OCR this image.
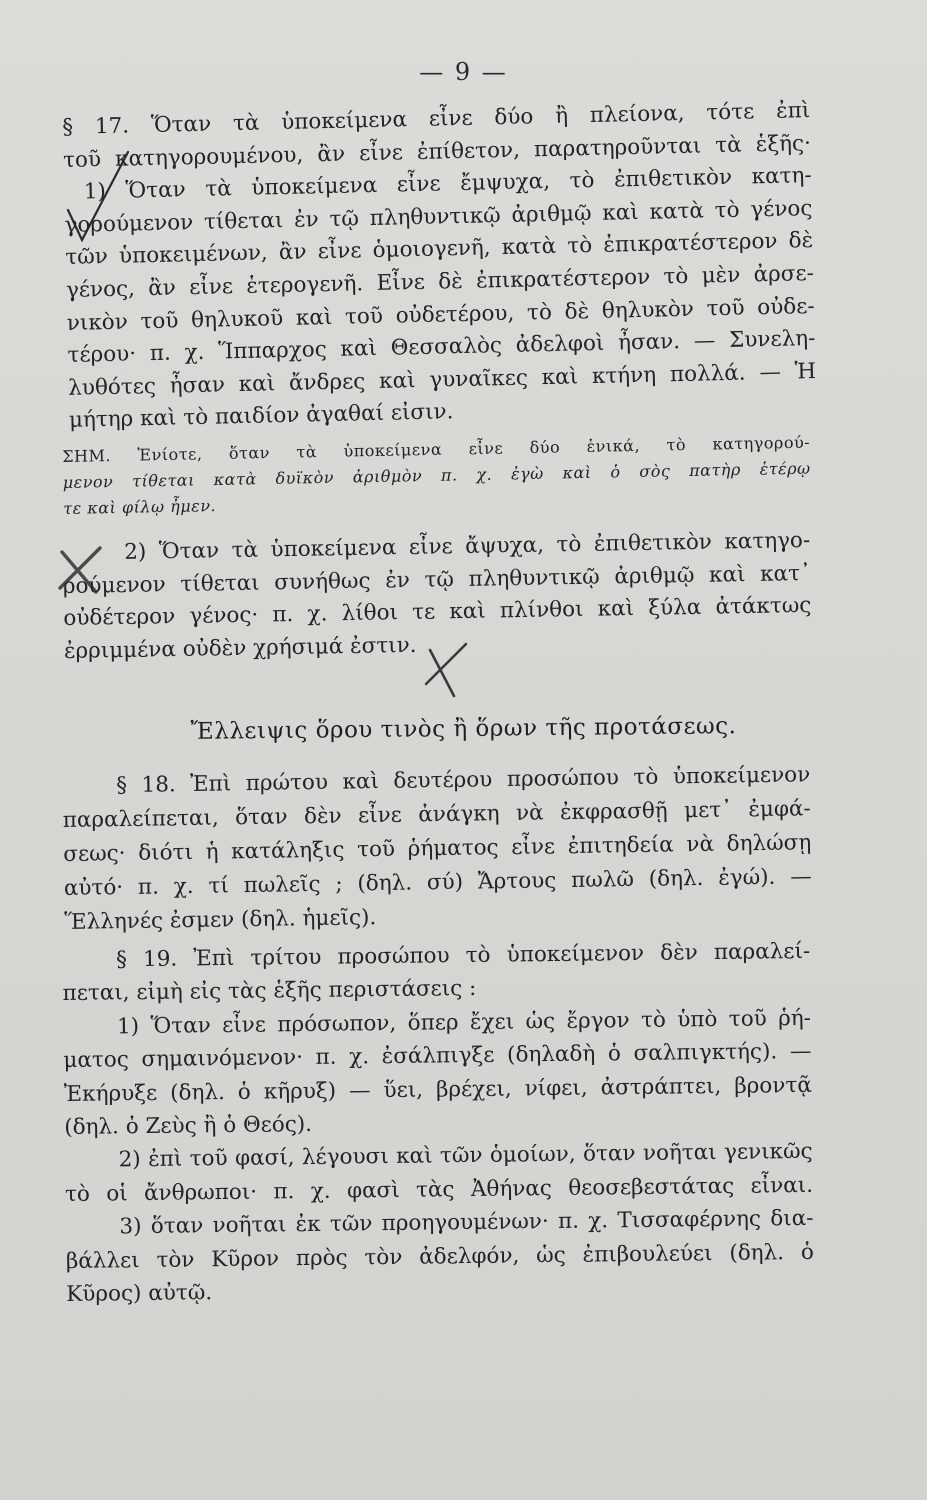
— 9 —
§ 17. Ὅταν τὰ ὑποκείμενα εἶνε δύο ἢ πλείονα, τότε ἐπὶ
τοῦ κατηγορουμένου, ἂν εἶνε ἐπίθετον, παρατηροῦνται τὰ ἑξῆς·
1) Ὅταν τὰ ὑποκείμενα εἶνε ἔμψυχα, τὸ ἐπιθετικὸν κατη-
γορούμενον τίθεται ἐν τῷ πληθυντικῷ ἀριθμῷ καὶ κατὰ τὸ γένος
τῶν ὑποκειμένων, ἂν εἶνε ὁμοιογενῆ, κατὰ τὸ ἐπικρατέστερον δὲ
γένος, ἂν εἶνε ἑτερογενῆ. Εἶνε δὲ ἐπικρατέστερον τὸ μὲν ἀρσε-
νικὸν τοῦ θηλυκοῦ καὶ τοῦ οὐδετέρου, τὸ δὲ θηλυκὸν τοῦ οὐδε-
τέρου· π. χ. Ἵππαρχος καὶ Θεσσαλὸς ἀδελφοὶ ἦσαν. — Συνελη-
λυθότες ἦσαν καὶ ἄνδρες καὶ γυναῖκες καὶ κτήνη πολλά. — Ἡ
μήτηρ καὶ τὸ παιδίον ἀγαθαί εἰσιν.
ΣΗΜ. Ἐνίοτε, ὅταν τὰ ὑποκείμενα εἶνε δύο ἑνικά, τὸ κατηγορού-
μενον τίθεται κατὰ δυϊκὸν ἀριθμὸν π. χ. ἐγὼ καὶ ὁ σὸς πατὴρ ἑτέρῳ
τε καὶ φίλῳ ἦμεν.
2) Ὅταν τὰ ὑποκείμενα εἶνε ἄψυχα, τὸ ἐπιθετικὸν κατηγο-
ρούμενον τίθεται συνήθως ἐν τῷ πληθυντικῷ ἀριθμῷ καὶ κατ᾽
οὐδέτερον γένος· π. χ. λίθοι τε καὶ πλίνθοι καὶ ξύλα ἀτάκτως
ἐρριμμένα οὐδὲν χρήσιμά ἐστιν.
Ἔλλειψις ὅρου τινὸς ἢ ὅρων τῆς προτάσεως.
§ 18. Ἐπὶ πρώτου καὶ δευτέρου προσώπου τὸ ὑποκείμενον
παραλείπεται, ὅταν δὲν εἶνε ἀνάγκη νὰ ἐκφρασθῇ μετ᾽ ἐμφά-
σεως· διότι ἡ κατάληξις τοῦ ῥήματος εἶνε ἐπιτηδεία νὰ δηλώσῃ
αὐτό· π. χ. τί πωλεῖς ; (δηλ. σύ) Ἄρτους πωλῶ (δηλ. ἐγώ). —
Ἕλληνές ἐσμεν (δηλ. ἡμεῖς).
§ 19. Ἐπὶ τρίτου προσώπου τὸ ὑποκείμενον δὲν παραλεί-
πεται, εἰμὴ εἰς τὰς ἑξῆς περιστάσεις :
1) Ὅταν εἶνε πρόσωπον, ὅπερ ἔχει ὡς ἔργον τὸ ὑπὸ τοῦ ῥή-
ματος σημαινόμενον· π. χ. ἐσάλπιγξε (δηλαδὴ ὁ σαλπιγκτής). —
Ἐκήρυξε (δηλ. ὁ κῆρυξ) — ὕει, βρέχει, νίφει, ἀστράπτει, βροντᾷ
(δηλ. ὁ Ζεὺς ἢ ὁ Θεός).
2) ἐπὶ τοῦ φασί, λέγουσι καὶ τῶν ὁμοίων, ὅταν νοῆται γενικῶς
τὸ οἱ ἄνθρωποι· π. χ. φασὶ τὰς Ἀθήνας θεοσεβεστάτας εἶναι.
3) ὅταν νοῆται ἐκ τῶν προηγουμένων· π. χ. Τισσαφέρνης δια-
βάλλει τὸν Κῦρον πρὸς τὸν ἀδελφόν, ὡς ἐπιβουλεύει (δηλ. ὁ
Κῦρος) αὐτῷ.
